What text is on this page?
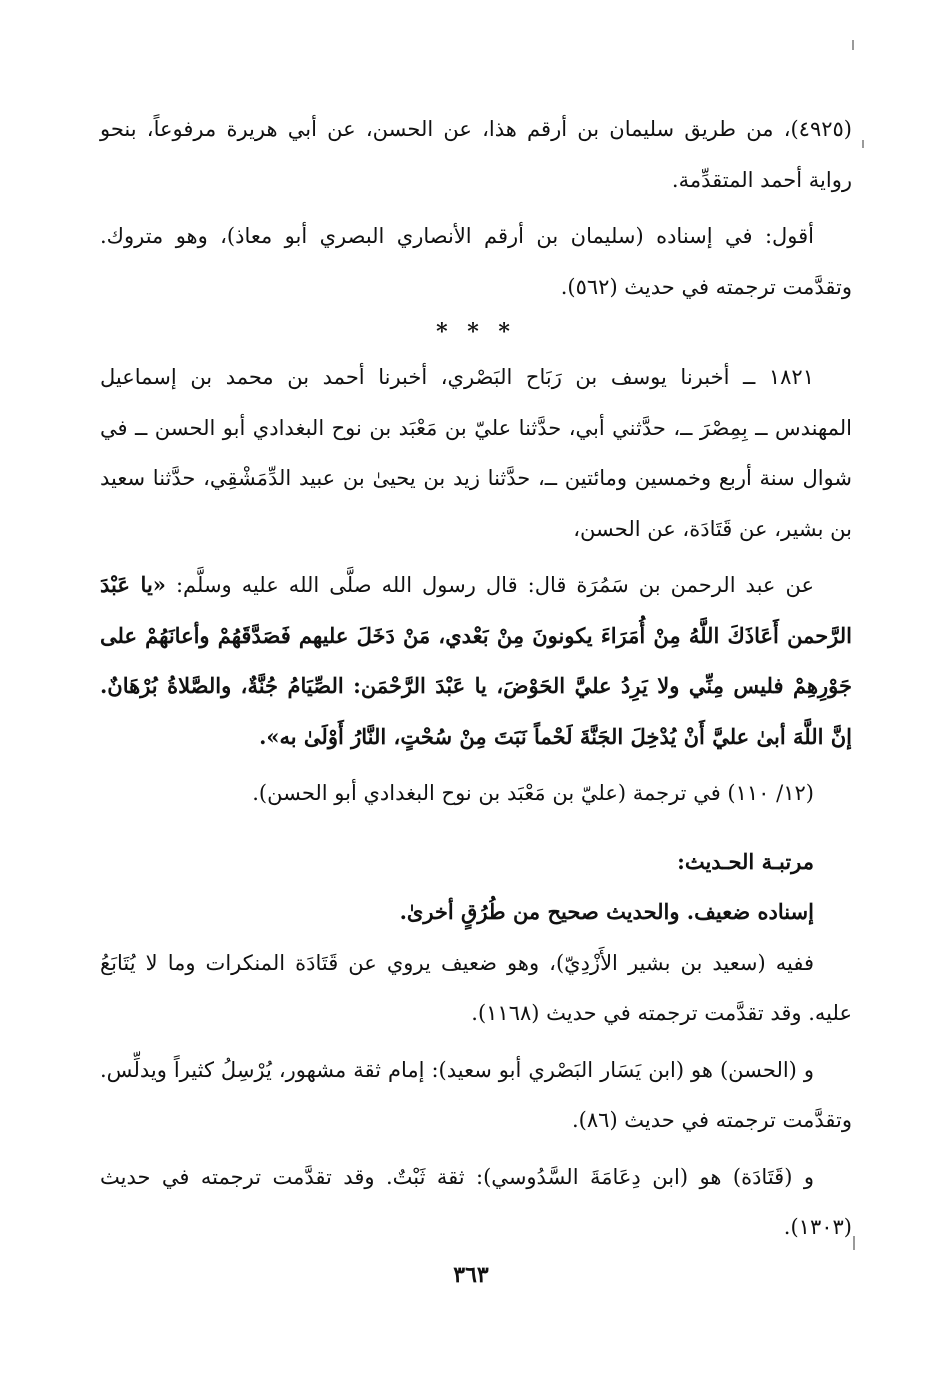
(٤٩٢٥)، من طريق سليمان بن أرقم هذا، عن الحسن، عن أبي هريرة مرفوعاً، بنحو رواية أحمد المتقدِّمة.

أقول: في إسناده (سليمان بن أرقم الأنصاري البصري أبو معاذ)، وهو متروك. وتقدَّمت ترجمته في حديث (٥٦٢).

* * *

١٨٢١ ــ أخبرنا يوسف بن رَبَاح البَصْري، أخبرنا أحمد بن محمد بن إسماعيل المهندس ــ بِمِصْرَ ــ، حدَّثني أبي، حدَّثنا عليّ بن مَعْبَد بن نوح البغدادي أبو الحسن ــ في شوال سنة أربع وخمسين ومائتين ــ، حدَّثنا زيد بن يحيىٰ بن عبيد الدِّمَشْقِي، حدَّثنا سعيد بن بشير، عن قَتَادَة، عن الحسن،

عن عبد الرحمن بن سَمُرَة قال: قال رسول الله صلَّى الله عليه وسلَّم: «يا عَبْدَ الرَّحمن أَعَاذَكَ اللَّهُ مِنْ أُمَرَاءَ يكونونَ مِنْ بَعْدي، مَنْ دَخَلَ عليهم فَصَدَّقَهُمْ وأعانَهُمْ على جَوْرِهِمْ فليس مِنِّي ولا يَرِدُ عليَّ الحَوْضَ، يا عَبْدَ الرَّحْمَن: الصِّيَامُ جُنَّةٌ، والصَّلاةُ بُرْهَانٌ. إنَّ اللَّهَ أبىٰ عليَّ أَنْ يُدْخِلَ الجَنَّةَ لَحْماً نَبَتَ مِنْ سُحْتٍ، النَّارُ أَوْلَىٰ به».

(١٢/ ١١٠) في ترجمة (عليّ بن مَعْبَد بن نوح البغدادي أبو الحسن).

مرتبـة الحـديث:

إسناده ضعيف. والحديث صحيح من طُرُقٍ أخرىٰ.

ففيه (سعيد بن بشير الأَزْدِيّ)، وهو ضعيف يروي عن قَتَادَة المنكرات وما لا يُتَابَعُ عليه. وقد تقدَّمت ترجمته في حديث (١١٦٨).

و (الحسن) هو (ابن يَسَار البَصْري أبو سعيد): إمام ثقة مشهور، يُرْسِلُ كثيراً ويدلِّس. وتقدَّمت ترجمته في حديث (٨٦).

و (قَتَادَة) هو (ابن دِعَامَةَ السَّدُوسي): ثقة ثَبْتٌ. وقد تقدَّمت ترجمته في حديث (١٣٠٣).

٣٦٣
